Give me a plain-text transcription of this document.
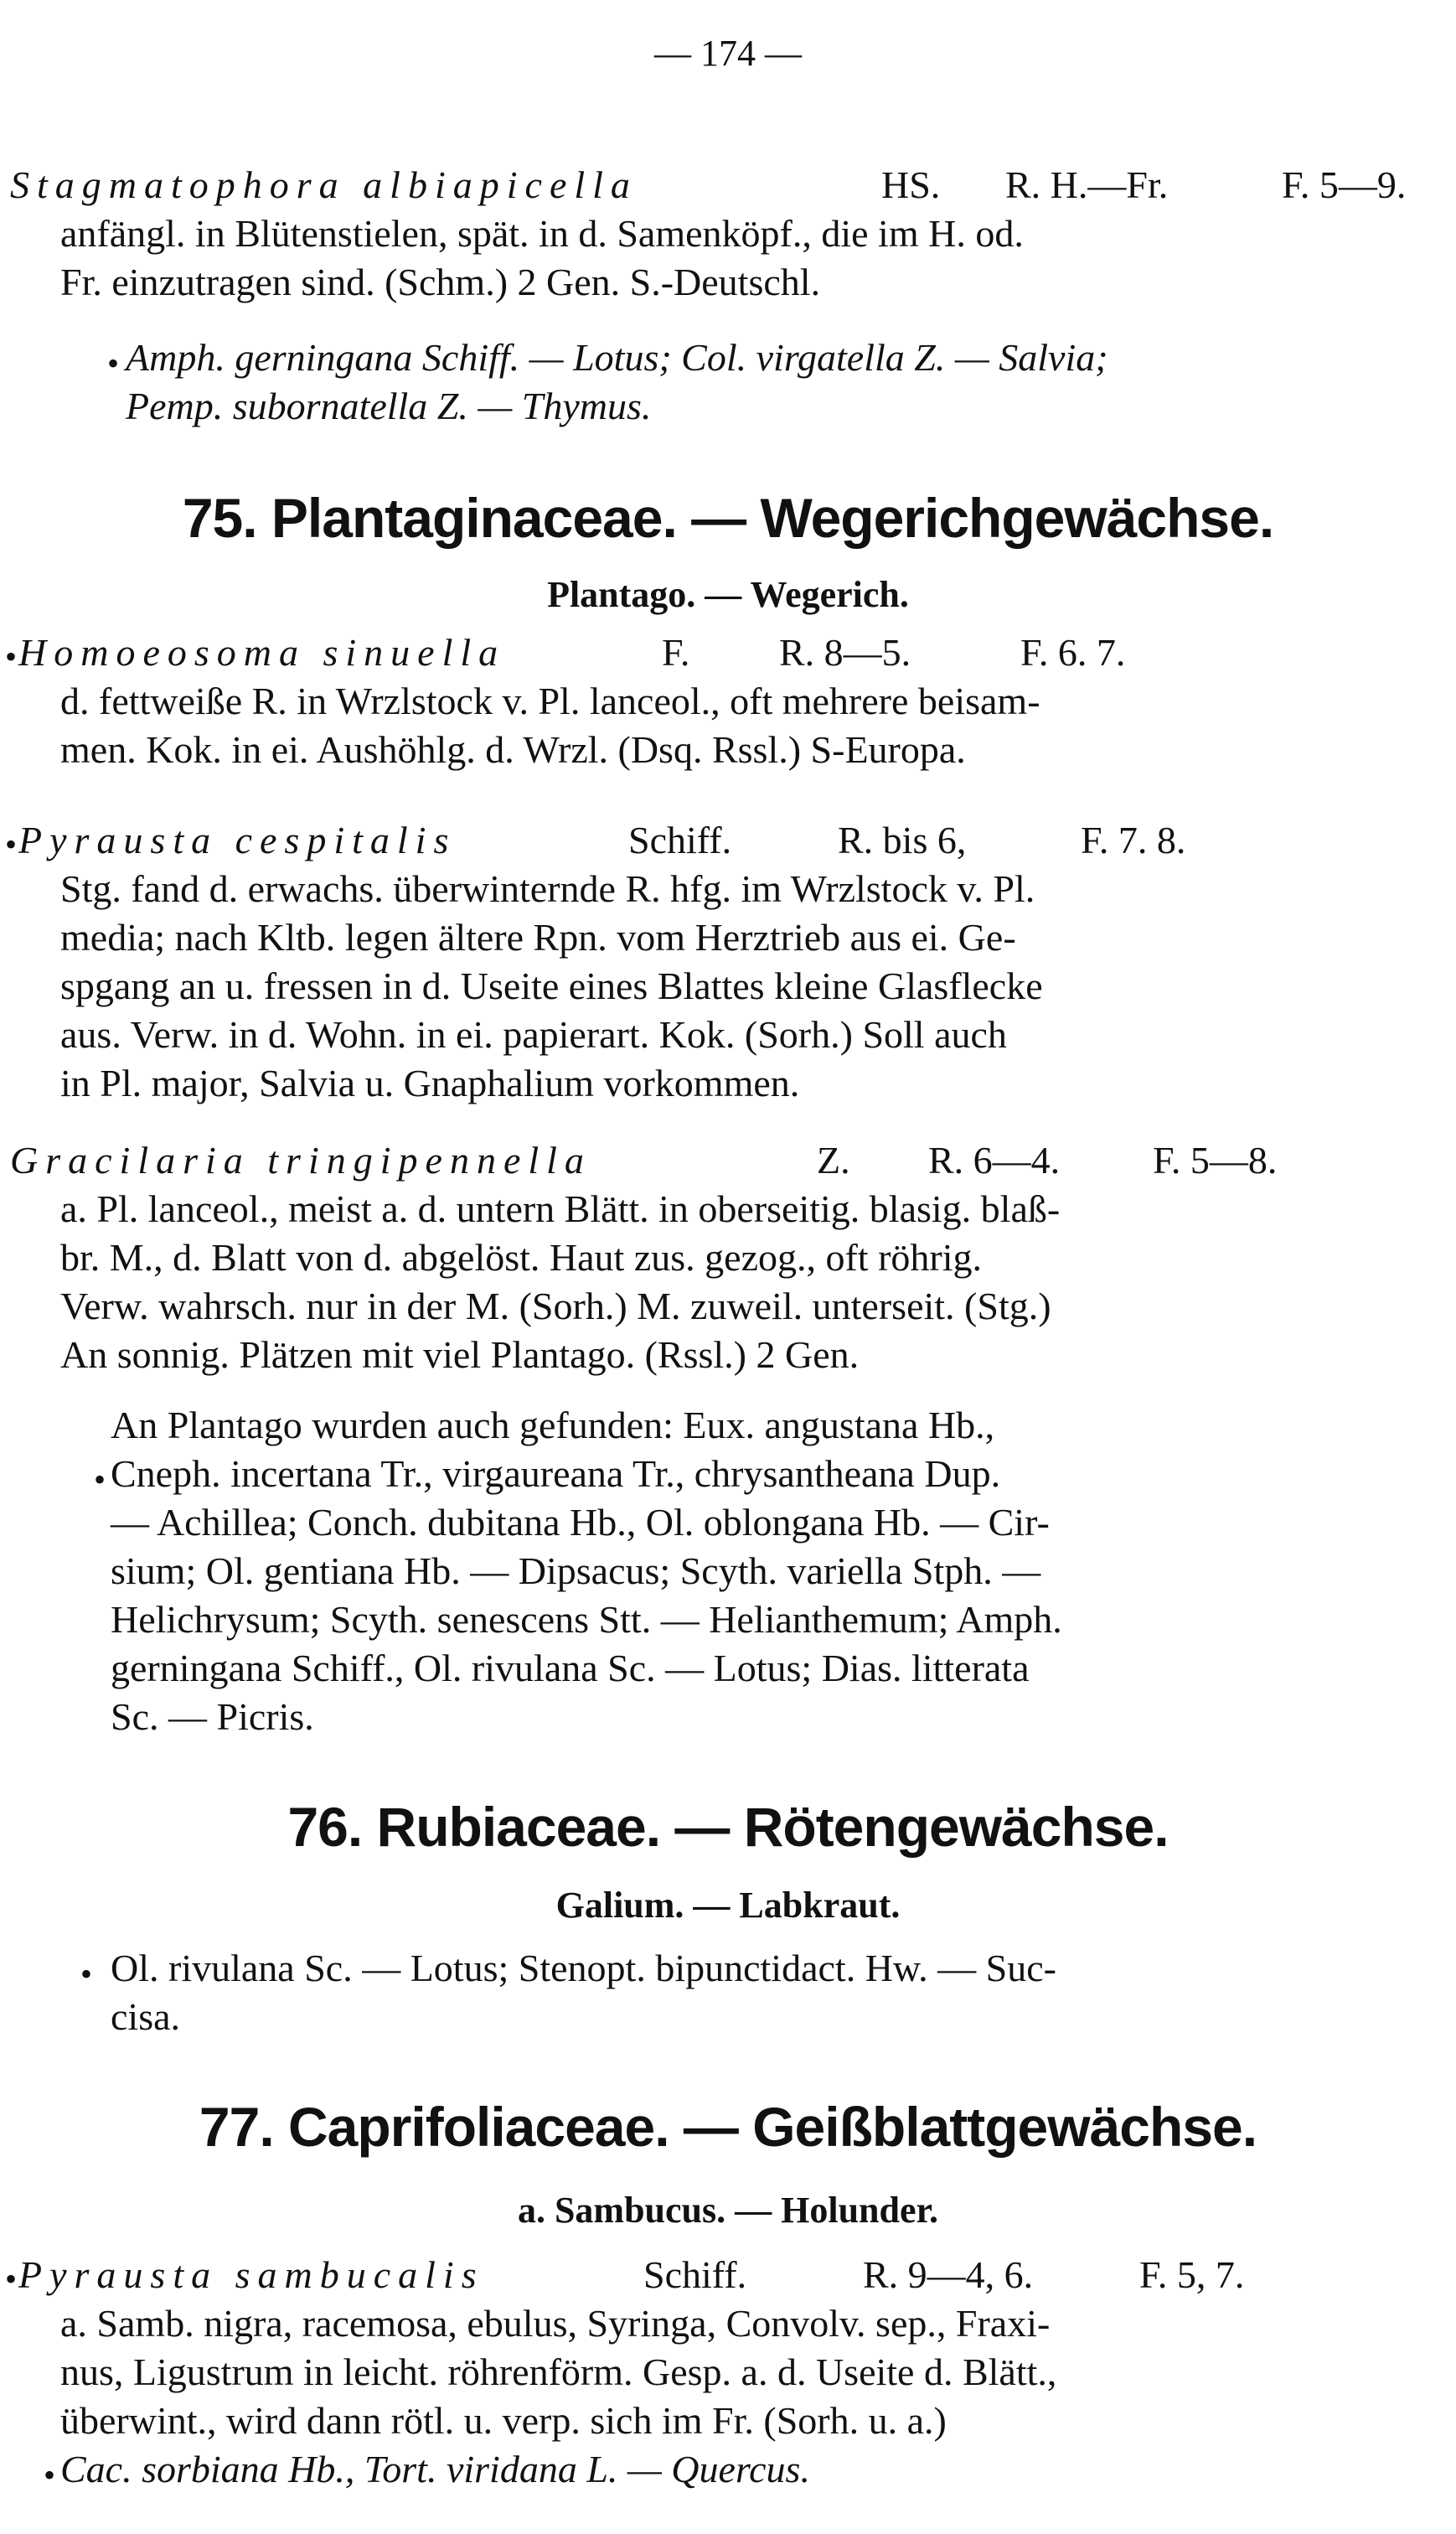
— 174 —
Stagmatophora albiapicella	HS. R. H.—Fr.	F. 5—9.
anfängl. in Blütenstielen, spät. in d. Samenköpf., die im H. od.
Fr. einzutragen sind. (Schm.) 2 Gen. S.-Deutschl.
• Amph. gerningana Schiff. — Lotus; Col. virgatella Z. — Salvia;
Pemp. subornatella Z. — Thymus.
75. Plantaginaceae. — Wegerichgewächse.
Plantago. — Wegerich.
• Homoeosoma sinuella	F. R. 8—5.	F. 6. 7.
d. fettweiße R. in Wrzlstock v. Pl. lanceol., oft mehrere beisam-
men. Kok. in ei. Aushöhlg. d. Wrzl. (Dsq. Rssl.) S-Europa.
• Pyrausta cespitalis	Schiff.	R. bis 6,	F. 7. 8.
Stg. fand d. erwachs. überwinternde R. hfg. im Wrzlstock v. Pl.
media; nach Kltb. legen ältere Rpn. vom Herztrieb aus ei. Ge-
spgang an u. fressen in d. Useite eines Blattes kleine Glasflecke
aus. Verw. in d. Wohn. in ei. papierart. Kok. (Sorh.) Soll auch
in Pl. major, Salvia u. Gnaphalium vorkommen.
Gracilaria tringipennella	Z. R. 6—4. F. 5—8.
a. Pl. lanceol., meist a. d. untern Blätt. in oberseitig. blasig. blaß-
br. M., d. Blatt von d. abgelöst. Haut zus. gezog., oft röhrig.
Verw. wahrsch. nur in der M. (Sorh.) M. zuweil. unterseit. (Stg.)
An sonnig. Plätzen mit viel Plantago. (Rssl.) 2 Gen.
An Plantago wurden auch gefunden: Eux. angustana Hb.,
• Cneph. incertana Tr., virgaureana Tr., chrysantheana Dup.
— Achillea; Conch. dubitana Hb., Ol. oblongana Hb. — Cir-
sium; Ol. gentiana Hb. — Dipsacus; Scyth. variella Stph. —
Helichrysum; Scyth. senescens Stt. — Helianthemum; Amph.
gerningana Schiff., Ol. rivulana Sc. — Lotus; Dias. litterata
Sc. — Picris.
76. Rubiaceae. — Rötengewächse.
Galium. — Labkraut.
• Ol. rivulana Sc. — Lotus; Stenopt. bipunctidact. Hw. — Suc-
cisa.
77. Caprifoliaceae. — Geißblattgewächse.
a. Sambucus. — Holunder.
• Pyrausta sambucalis	Schiff.	R. 9—4, 6.	F. 5, 7.
a. Samb. nigra, racemosa, ebulus, Syringa, Convolv. sep., Fraxi-
nus, Ligustrum in leicht. röhrenförm. Gesp. a. d. Useite d. Blätt.,
überwint., wird dann rötl. u. verp. sich im Fr. (Sorh. u. a.)
• Cac. sorbiana Hb., Tort. viridana L. — Quercus.
